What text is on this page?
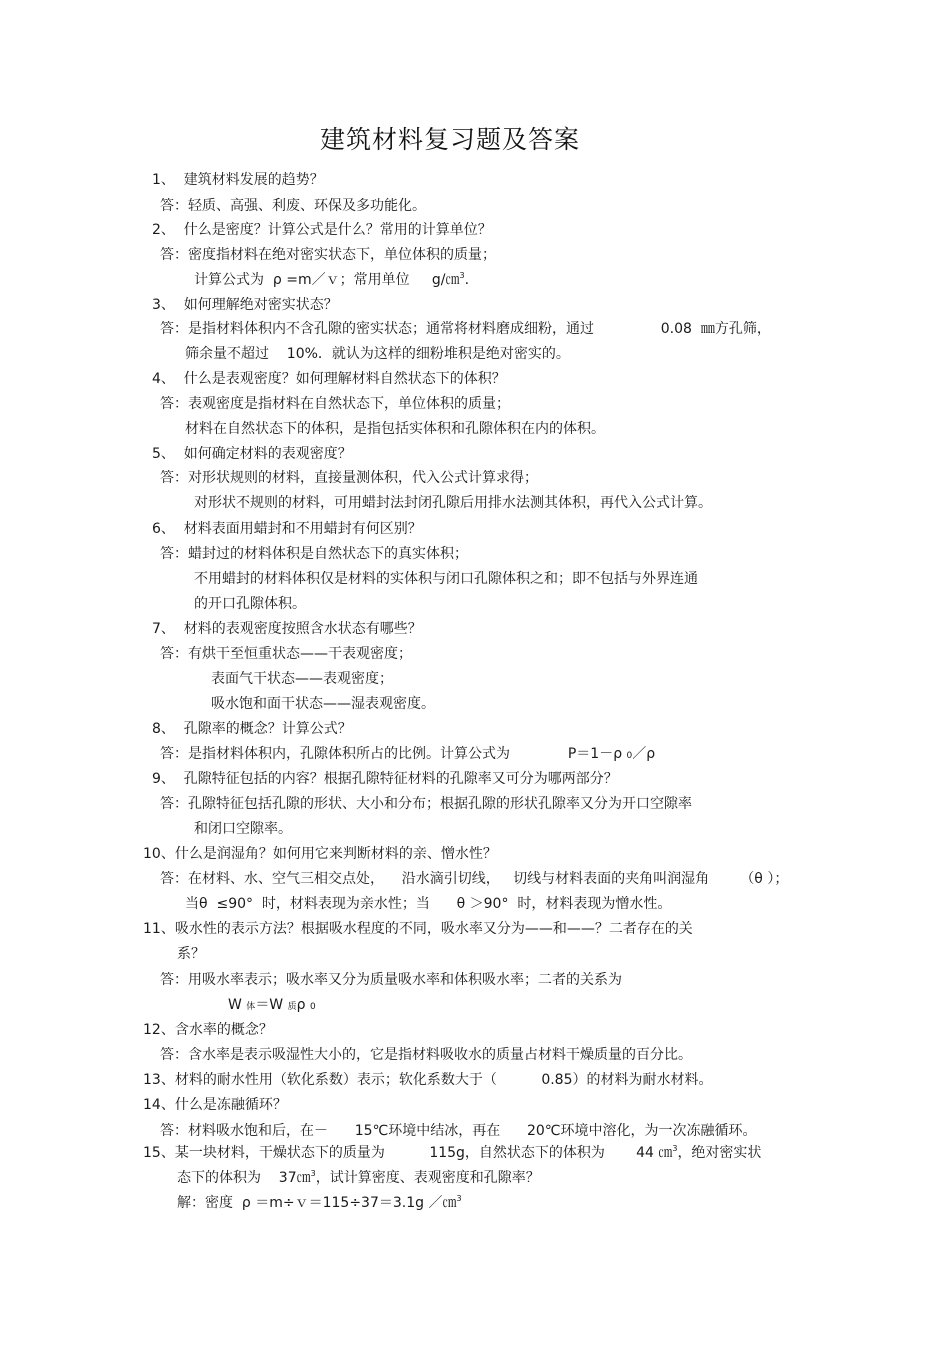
建筑材料复习题及答案
1、  建筑材料发展的趋势？
答：轻质、高强、利废、环保及多功能化。
2、  什么是密度？计算公式是什么？常用的计算单位？
答：密度指材料在绝对密实状态下，单位体积的质量；
计算公式为  ρ =m／ｖ；常用单位     g/㎝$^3$.
3、  如何理解绝对密实状态？
答：是指材料体积内不含孔隙的密实状态；通常将材料磨成细粉，通过               0.08  ㎜方孔筛，
筛余量不超过    10%．就认为这样的细粉堆积是绝对密实的。
4、  什么是表观密度？如何理解材料自然状态下的体积？
答：表观密度是指材料在自然状态下，单位体积的质量；
材料在自然状态下的体积，是指包括实体积和孔隙体积在内的体积。
5、  如何确定材料的表观密度？
答：对形状规则的材料，直接量测体积，代入公式计算求得；
对形状不规则的材料，可用蜡封法封闭孔隙后用排水法测其体积，再代入公式计算。
6、  材料表面用蜡封和不用蜡封有何区别？
答：蜡封过的材料体积是自然状态下的真实体积；
不用蜡封的材料体积仅是材料的实体积与闭口孔隙体积之和；即不包括与外界连通
的开口孔隙体积。
7、  材料的表观密度按照含水状态有哪些？
答：有烘干至恒重状态——干表观密度；
表面气干状态——表观密度；
吸水饱和面干状态——湿表观密度。
8、  孔隙率的概念？计算公式？
答：是指材料体积内，孔隙体积所占的比例。计算公式为             P＝1－ρ 0／ρ
9、  孔隙特征包括的内容？根据孔隙特征材料的孔隙率又可分为哪两部分？
答：孔隙特征包括孔隙的形状、大小和分布；根据孔隙的形状孔隙率又分为开口空隙率
和闭口空隙率。
10、什么是润湿角？如何用它来判断材料的亲、憎水性？
答：在材料、水、空气三相交点处，    沿水滴引切线，   切线与材料表面的夹角叫润湿角       （θ ）；
当θ  ≤90°  时，材料表现为亲水性；当      θ ＞90°  时，材料表现为憎水性。
11、吸水性的表示方法？根据吸水程度的不同，吸水率又分为——和——？二者存在的关
系？
答：用吸水率表示；吸水率又分为质量吸水率和体积吸水率；二者的关系为
W 体＝W 质ρ 0
12、含水率的概念？
答：含水率是表示吸湿性大小的，它是指材料吸收水的质量占材料干燥质量的百分比。
13、材料的耐水性用（软化系数）表示；软化系数大于（          0.85）的材料为耐水材料。
14、什么是冻融循环？
答：材料吸水饱和后，在－      15℃环境中结冰，再在      20℃环境中溶化，为一次冻融循环。
15、某一块材料，干燥状态下的质量为          115g，自然状态下的体积为       44 ㎝$^3$，绝对密实状
态下的体积为    37㎝$^3$，试计算密度、表观密度和孔隙率？
解：密度  ρ ＝m÷ｖ＝115÷37＝3.1g ／㎝$^3$
